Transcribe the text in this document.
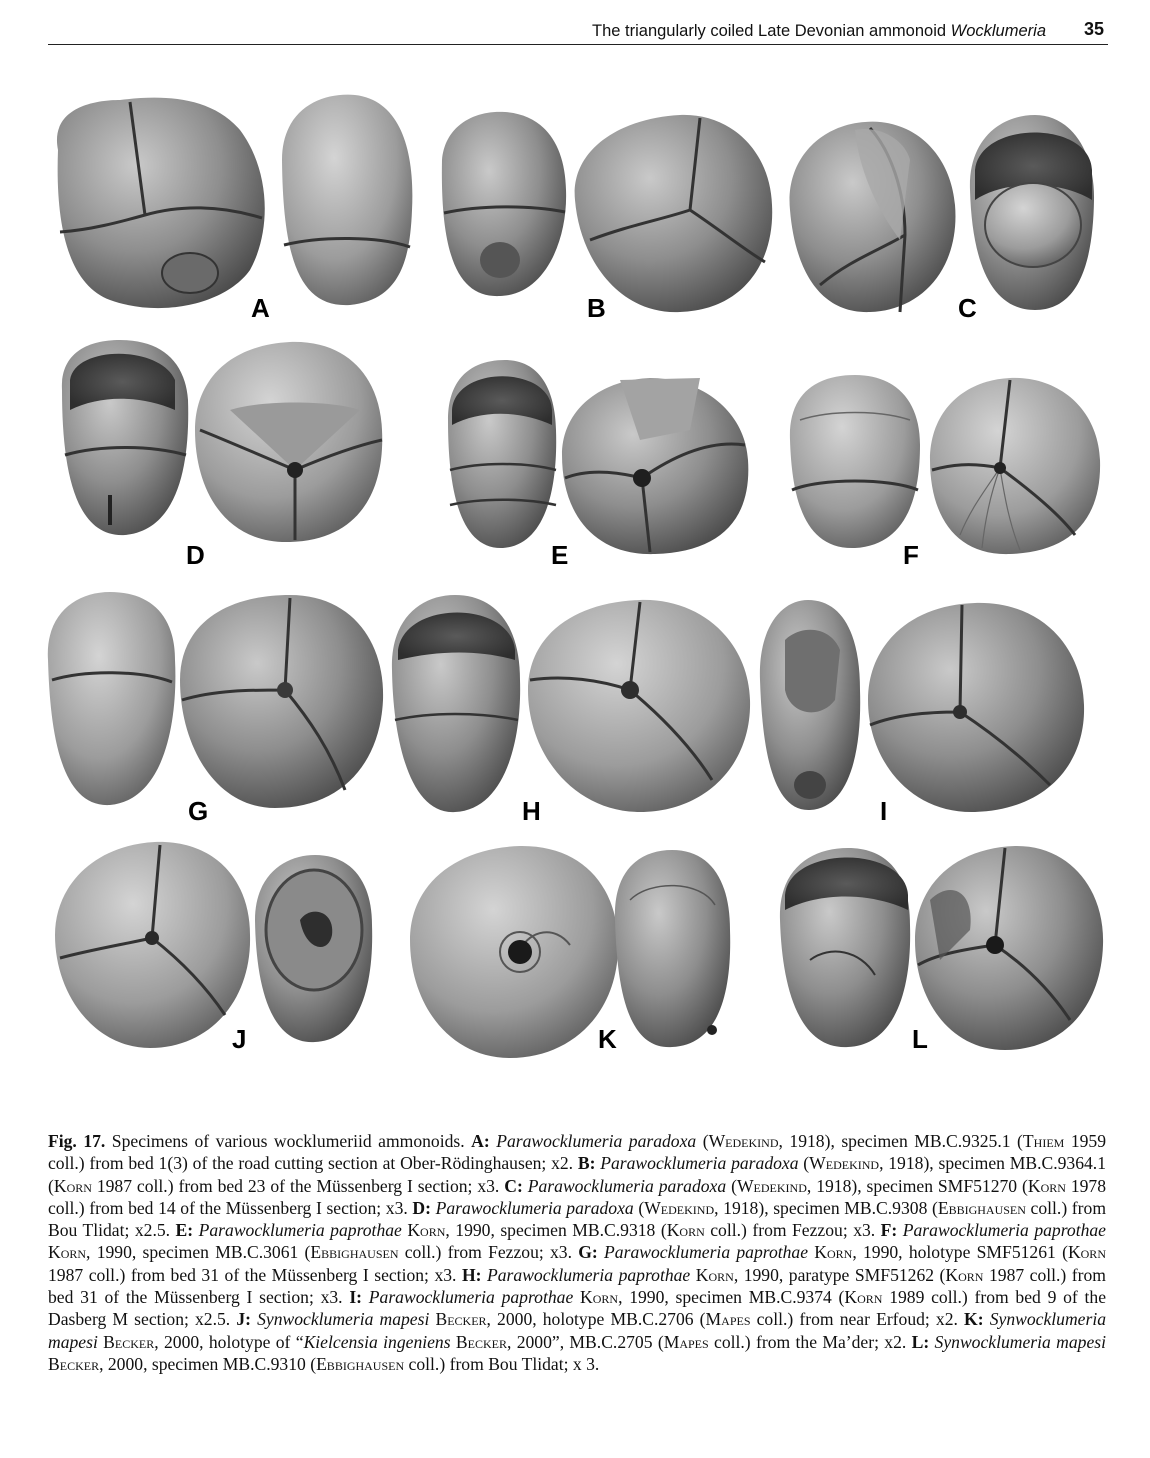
The triangularly coiled Late Devonian ammonoid Wocklumeria 35
A	B	C
D	E	F
G	H	I
J	K	L
Fig. 17. Specimens of various wocklumeriid ammonoids. A: Parawocklumeria paradoxa (Wedekind, 1918), specimen MB.C.9325.1 (Thiem 1959 coll.) from bed 1(3) of the road cutting section at Ober-Rödinghausen; x2. B: Parawocklumeria paradoxa (Wedekind, 1918), specimen MB.C.9364.1 (Korn 1987 coll.) from bed 23 of the Müssenberg I section; x3. C: Parawocklumeria paradoxa (Wedekind, 1918), specimen SMF51270 (Korn 1978 coll.) from bed 14 of the Müssenberg I section; x3. D: Parawocklumeria paradoxa (Wedekind, 1918), specimen MB.C.9308 (Ebbighausen coll.) from Bou Tlidat; x2.5. E: Parawocklumeria paprothae Korn, 1990, specimen MB.C.9318 (Korn coll.) from Fezzou; x3. F: Parawocklumeria paprothae Korn, 1990, specimen MB.C.3061 (Ebbighausen coll.) from Fezzou; x3. G: Parawocklumeria paprothae Korn, 1990, holotype SMF51261 (Korn 1987 coll.) from bed 31 of the Müssenberg I section; x3. H: Parawocklumeria paprothae Korn, 1990, paratype SMF51262 (Korn 1987 coll.) from bed 31 of the Müssenberg I section; x3. I: Parawocklumeria paprothae Korn, 1990, specimen MB.C.9374 (Korn 1989 coll.) from bed 9 of the Dasberg M section; x2.5. J: Synwocklumeria mapesi Becker, 2000, holotype MB.C.2706 (Mapes coll.) from near Erfoud; x2. K: Synwocklumeria mapesi Becker, 2000, holotype of “Kielcensia ingeniens Becker, 2000”, MB.C.2705 (Mapes coll.) from the Ma’der; x2. L: Synwocklumeria mapesi Becker, 2000, specimen MB.C.9310 (Ebbighausen coll.) from Bou Tlidat; x 3.
